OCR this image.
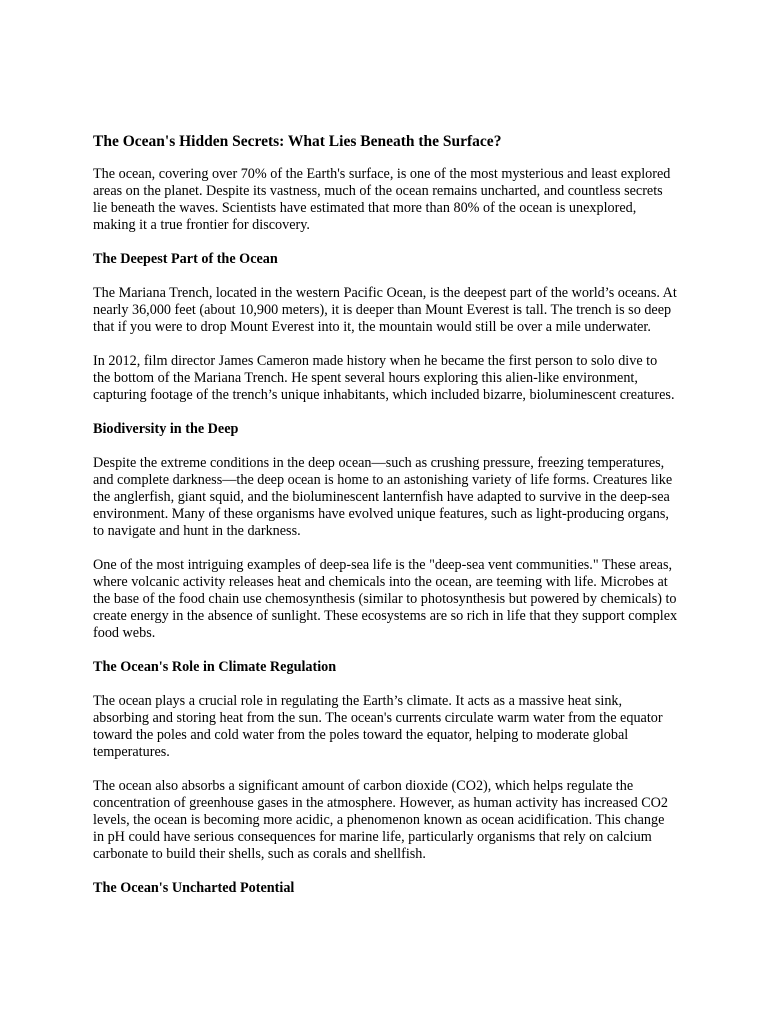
The Ocean's Hidden Secrets: What Lies Beneath the Surface?

The ocean, covering over 70% of the Earth's surface, is one of the most mysterious and least explored areas on the planet. Despite its vastness, much of the ocean remains uncharted, and countless secrets lie beneath the waves. Scientists have estimated that more than 80% of the ocean is unexplored, making it a true frontier for discovery.

The Deepest Part of the Ocean

The Mariana Trench, located in the western Pacific Ocean, is the deepest part of the world’s oceans. At nearly 36,000 feet (about 10,900 meters), it is deeper than Mount Everest is tall. The trench is so deep that if you were to drop Mount Everest into it, the mountain would still be over a mile underwater.

In 2012, film director James Cameron made history when he became the first person to solo dive to the bottom of the Mariana Trench. He spent several hours exploring this alien-like environment, capturing footage of the trench’s unique inhabitants, which included bizarre, bioluminescent creatures.

Biodiversity in the Deep

Despite the extreme conditions in the deep ocean—such as crushing pressure, freezing temperatures, and complete darkness—the deep ocean is home to an astonishing variety of life forms. Creatures like the anglerfish, giant squid, and the bioluminescent lanternfish have adapted to survive in the deep-sea environment. Many of these organisms have evolved unique features, such as light-producing organs, to navigate and hunt in the darkness.

One of the most intriguing examples of deep-sea life is the "deep-sea vent communities." These areas, where volcanic activity releases heat and chemicals into the ocean, are teeming with life. Microbes at the base of the food chain use chemosynthesis (similar to photosynthesis but powered by chemicals) to create energy in the absence of sunlight. These ecosystems are so rich in life that they support complex food webs.

The Ocean's Role in Climate Regulation

The ocean plays a crucial role in regulating the Earth’s climate. It acts as a massive heat sink, absorbing and storing heat from the sun. The ocean's currents circulate warm water from the equator toward the poles and cold water from the poles toward the equator, helping to moderate global temperatures.

The ocean also absorbs a significant amount of carbon dioxide (CO2), which helps regulate the concentration of greenhouse gases in the atmosphere. However, as human activity has increased CO2 levels, the ocean is becoming more acidic, a phenomenon known as ocean acidification. This change in pH could have serious consequences for marine life, particularly organisms that rely on calcium carbonate to build their shells, such as corals and shellfish.

The Ocean's Uncharted Potential
